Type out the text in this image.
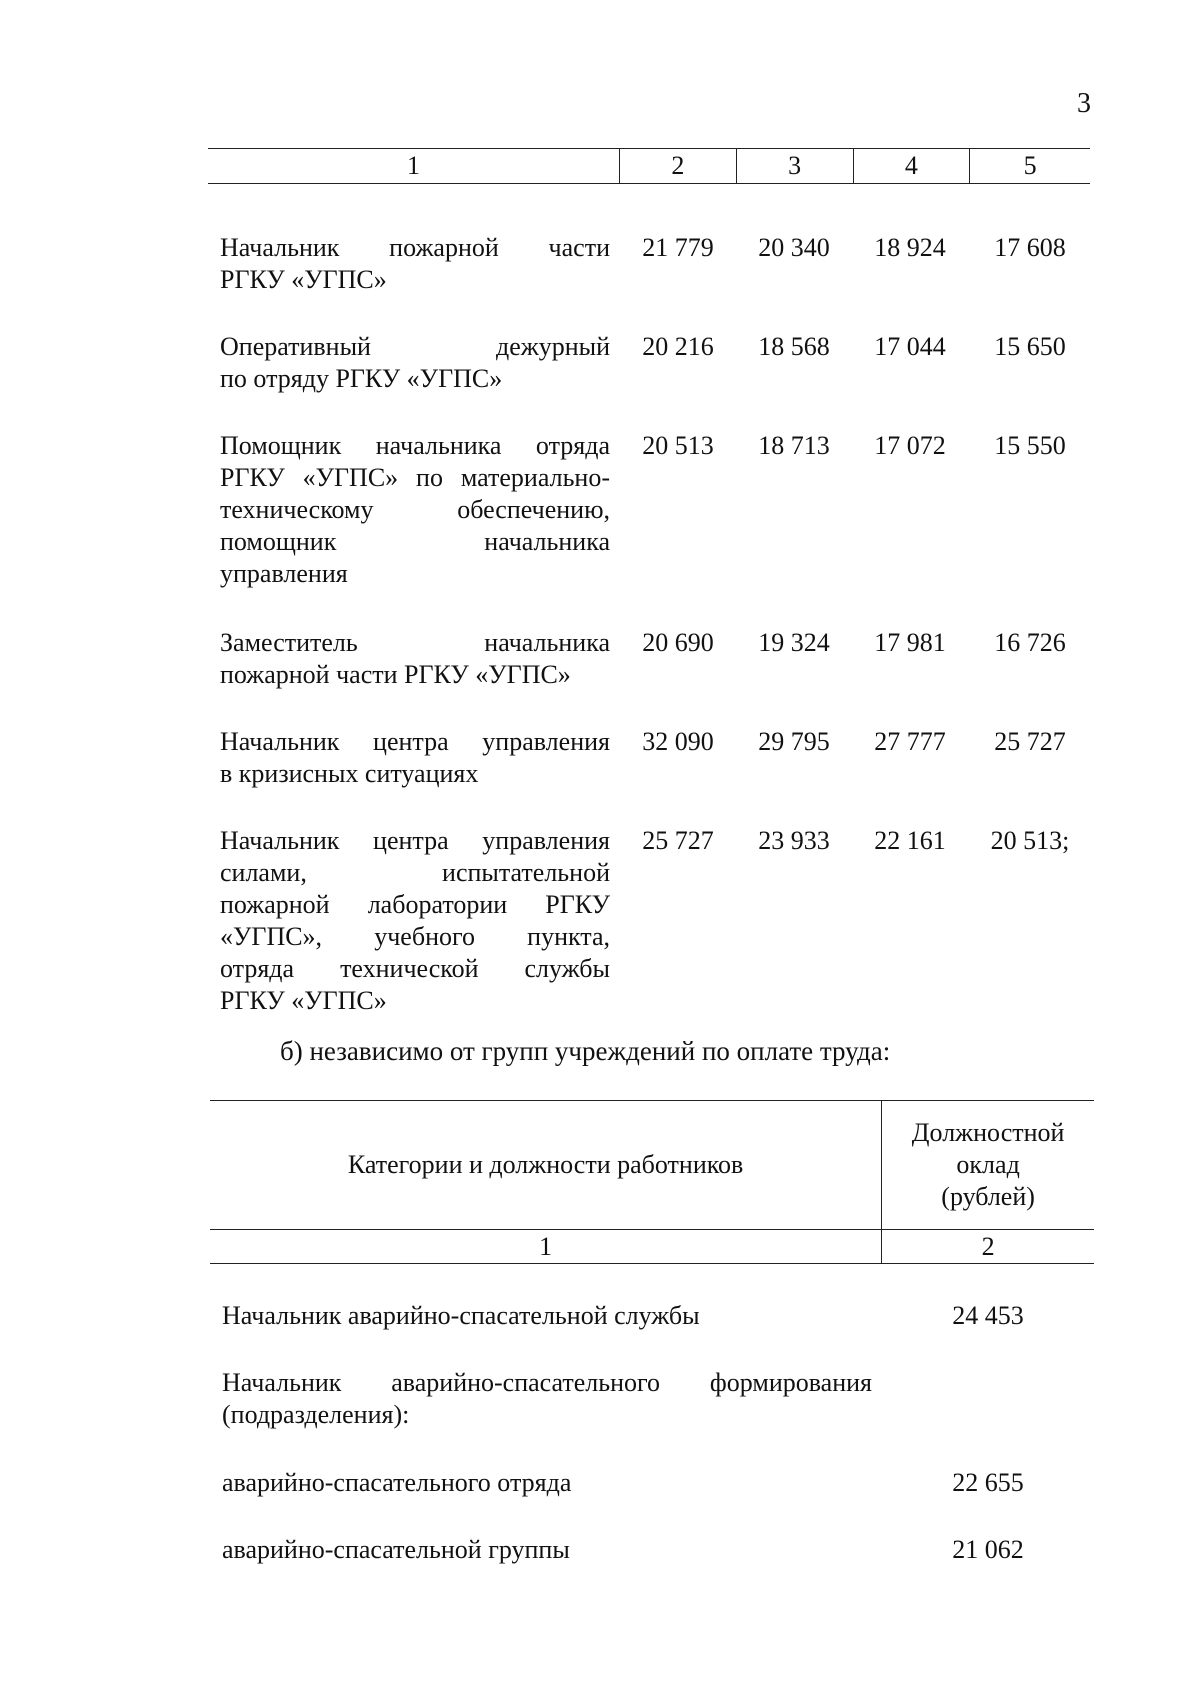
3
1	2	3	4	5
Начальник пожарной части
РГКУ «УГПС»
21 779	20 340	18 924	17 608
Оперативный дежурный
по отряду РГКУ «УГПС»
20 216	18 568	17 044	15 650
Помощник начальника отряда
РГКУ «УГПС» по материально-
техническому обеспечению,
помощник начальника
управления
20 513	18 713	17 072	15 550
Заместитель начальника
пожарной части РГКУ «УГПС»
20 690	19 324	17 981	16 726
Начальник центра управления
в кризисных ситуациях
32 090	29 795	27 777	25 727
Начальник центра управления
силами, испытательной
пожарной лаборатории РГКУ
«УГПС», учебного пункта,
отряда технической службы
РГКУ «УГПС»
25 727	23 933	22 161	20 513;
б) независимо от групп учреждений по оплате труда:
Категории и должности работников
Должностной
оклад
(рублей)
1	2
Начальник аварийно-спасательной службы	24 453
Начальник аварийно-спасательного формирования
(подразделения):
аварийно-спасательного отряда	22 655
аварийно-спасательной группы	21 062
